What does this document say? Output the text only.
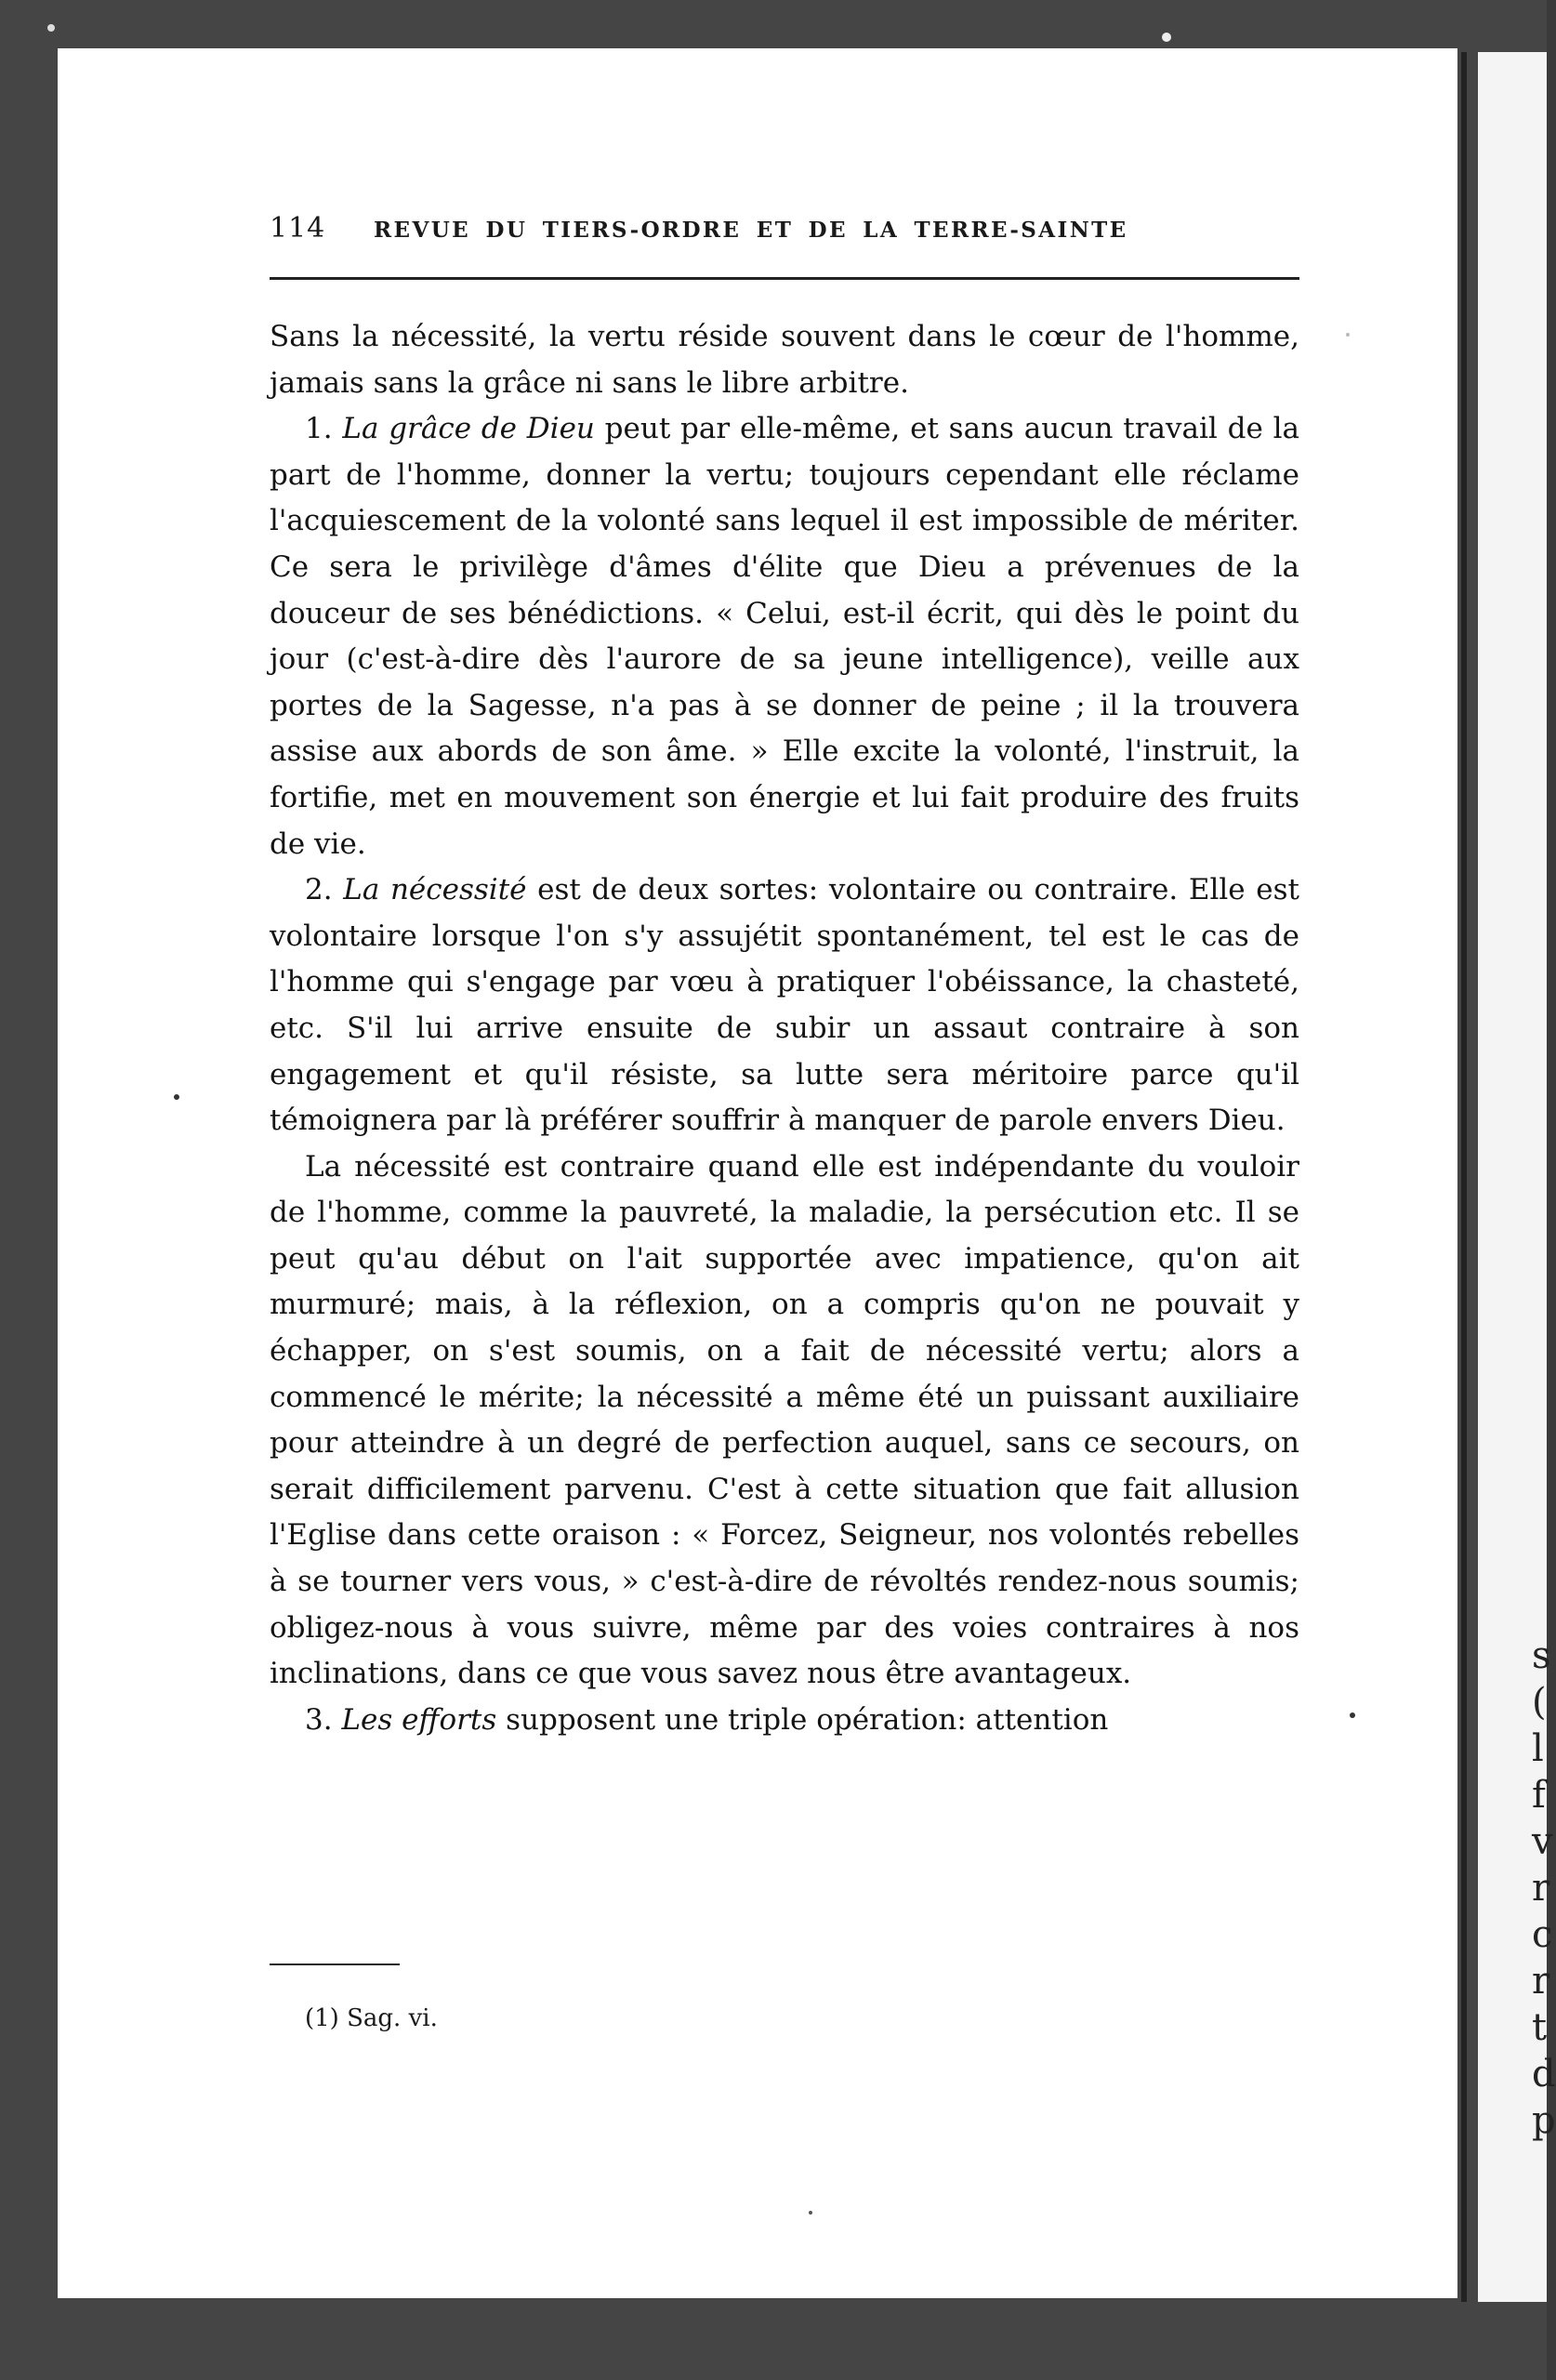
s
(
l
f
v
r
c
r
t
d
p
114 REVUE DU TIERS-ORDRE ET DE LA TERRE-SAINTE

Sans la nécessité, la vertu réside souvent dans le cœur de l'homme, jamais sans la grâce ni sans le libre arbitre.

1. La grâce de Dieu peut par elle-même, et sans aucun travail de la part de l'homme, donner la vertu; toujours cependant elle réclame l'acquiescement de la volonté sans lequel il est impossible de mériter. Ce sera le privilège d'âmes d'élite que Dieu a prévenues de la douceur de ses bénédictions. « Celui, est-il écrit, qui dès le point du jour (c'est-à-dire dès l'aurore de sa jeune intelligence), veille aux portes de la Sagesse, n'a pas à se donner de peine ; il la trouvera assise aux abords de son âme. » Elle excite la volonté, l'instruit, la fortifie, met en mouvement son énergie et lui fait produire des fruits de vie.

2. La nécessité est de deux sortes: volontaire ou contraire. Elle est volontaire lorsque l'on s'y assujétit spontanément, tel est le cas de l'homme qui s'engage par vœu à pratiquer l'obéissance, la chasteté, etc. S'il lui arrive ensuite de subir un assaut contraire à son engagement et qu'il résiste, sa lutte sera méritoire parce qu'il témoignera par là préférer souffrir à manquer de parole envers Dieu.

La nécessité est contraire quand elle est indépendante du vouloir de l'homme, comme la pauvreté, la maladie, la persécution etc. Il se peut qu'au début on l'ait supportée avec impatience, qu'on ait murmuré; mais, à la réflexion, on a compris qu'on ne pouvait y échapper, on s'est soumis, on a fait de nécessité vertu; alors a commencé le mérite; la nécessité a même été un puissant auxiliaire pour atteindre à un degré de perfection auquel, sans ce secours, on serait difficilement parvenu. C'est à cette situation que fait allusion l'Eglise dans cette oraison : « Forcez, Seigneur, nos volontés rebelles à se tourner vers vous, » c'est-à-dire de révoltés rendez-nous soumis; obligez-nous à vous suivre, même par des voies contraires à nos inclinations, dans ce que vous savez nous être avantageux.

3. Les efforts supposent une triple opération: attention

(1) Sag. vi.
